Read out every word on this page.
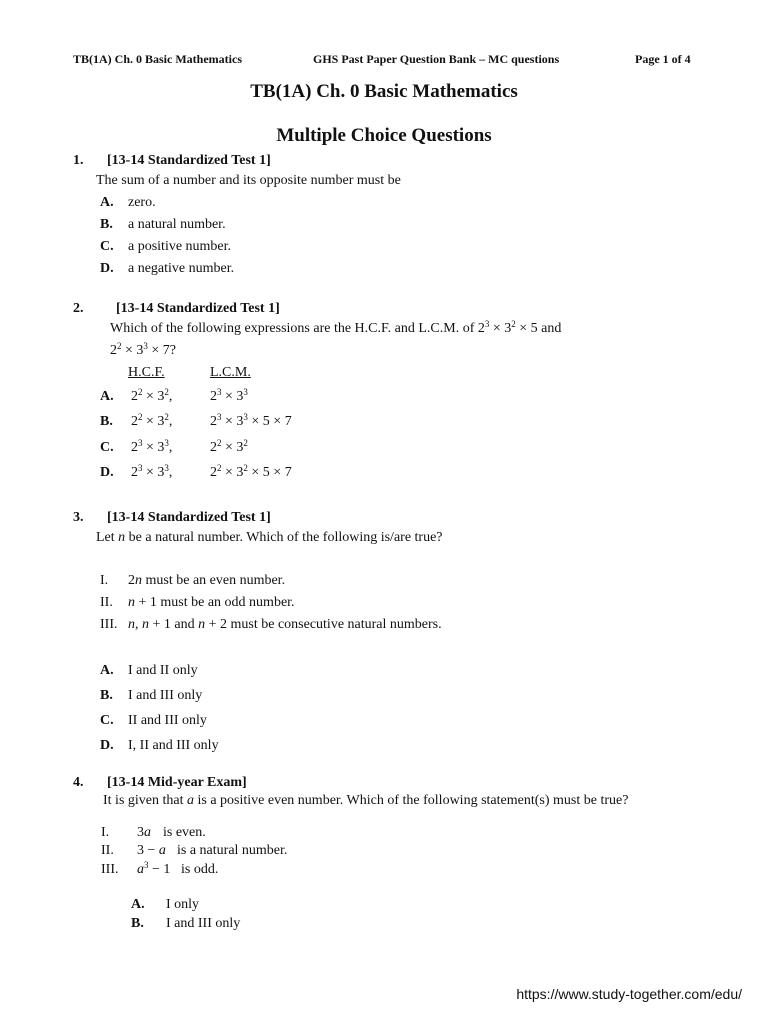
TB(1A) Ch. 0 Basic Mathematics	GHS Past Paper Question Bank – MC questions	Page 1 of 4
TB(1A) Ch. 0 Basic Mathematics
Multiple Choice Questions
1. [13-14 Standardized Test 1]
The sum of a number and its opposite number must be
A. zero.
B. a natural number.
C. a positive number.
D. a negative number.
2. [13-14 Standardized Test 1]
Which of the following expressions are the H.C.F. and L.C.M. of $2^3 \times 3^2 \times 5$ and
$2^2 \times 3^3 \times 7$?
H.C.F.	L.C.M.
A. $2^2 \times 3^2$,	$2^3 \times 3^3$
B. $2^2 \times 3^2$,	$2^3 \times 3^3 \times 5 \times 7$
C. $2^3 \times 3^3$,	$2^2 \times 3^2$
D. $2^3 \times 3^3$,	$2^2 \times 3^2 \times 5 \times 7$
3. [13-14 Standardized Test 1]
Let n be a natural number. Which of the following is/are true?
I. 2n must be an even number.
II. n + 1 must be an odd number.
III. n, n + 1 and n + 2 must be consecutive natural numbers.
A. I and II only
B. I and III only
C. II and III only
D. I, II and III only
4. [13-14 Mid-year Exam]
It is given that a is a positive even number. Which of the following statement(s) must be true?
I. 3a is even.
II. 3 − a is a natural number.
III. $a^3 - 1$ is odd.
A. I only
B. I and III only
https://www.study-together.com/edu/
